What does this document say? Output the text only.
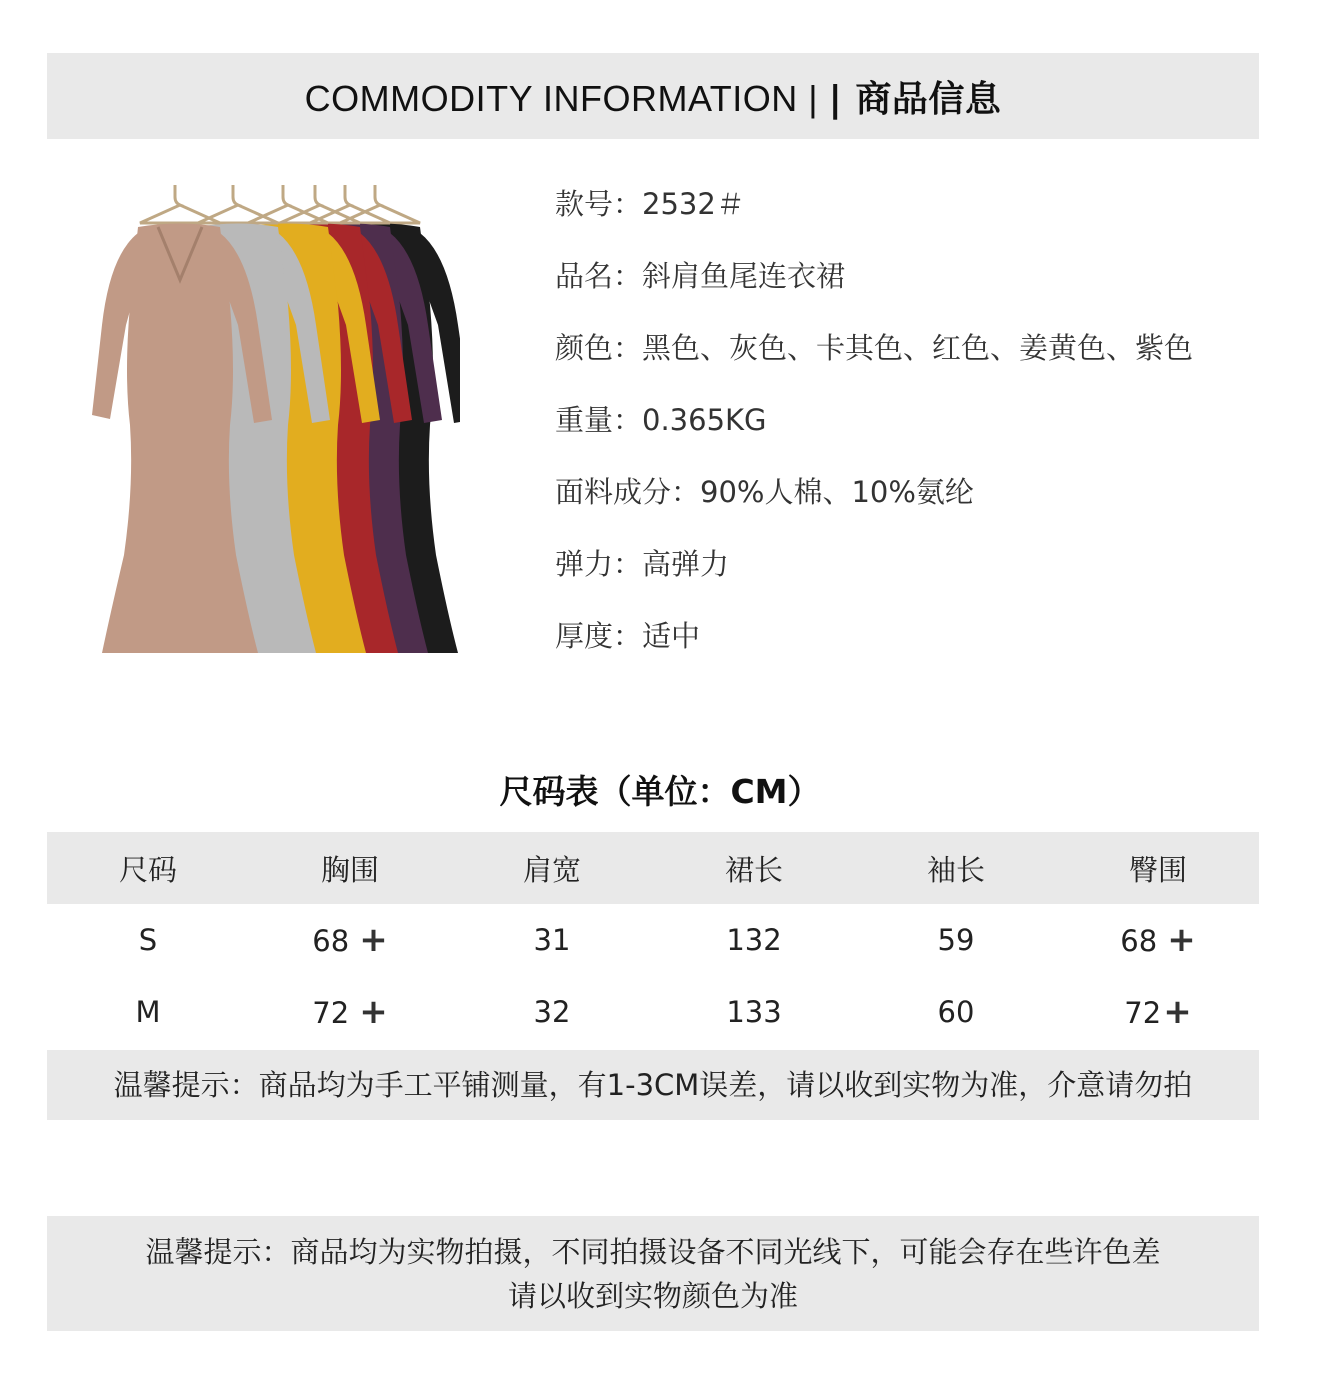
COMMODITY INFORMATION | | 商品信息
款号：2532＃
品名：斜肩鱼尾连衣裙
颜色：黑色、灰色、卡其色、红色、姜黄色、紫色
重量：0.365KG
面料成分：90%人棉、10%氨纶
弹力：高弹力
厚度：适中
尺码表（单位：CM）
尺码	胸围	肩宽	裙长	袖长	臀围
S	68 +	31	132	59	68 +
M	72 +	32	133	60	72+
温馨提示：商品均为手工平铺测量，有1-3CM误差，请以收到实物为准，介意请勿拍
温馨提示：商品均为实物拍摄，不同拍摄设备不同光线下，可能会存在些许色差
请以收到实物颜色为准
